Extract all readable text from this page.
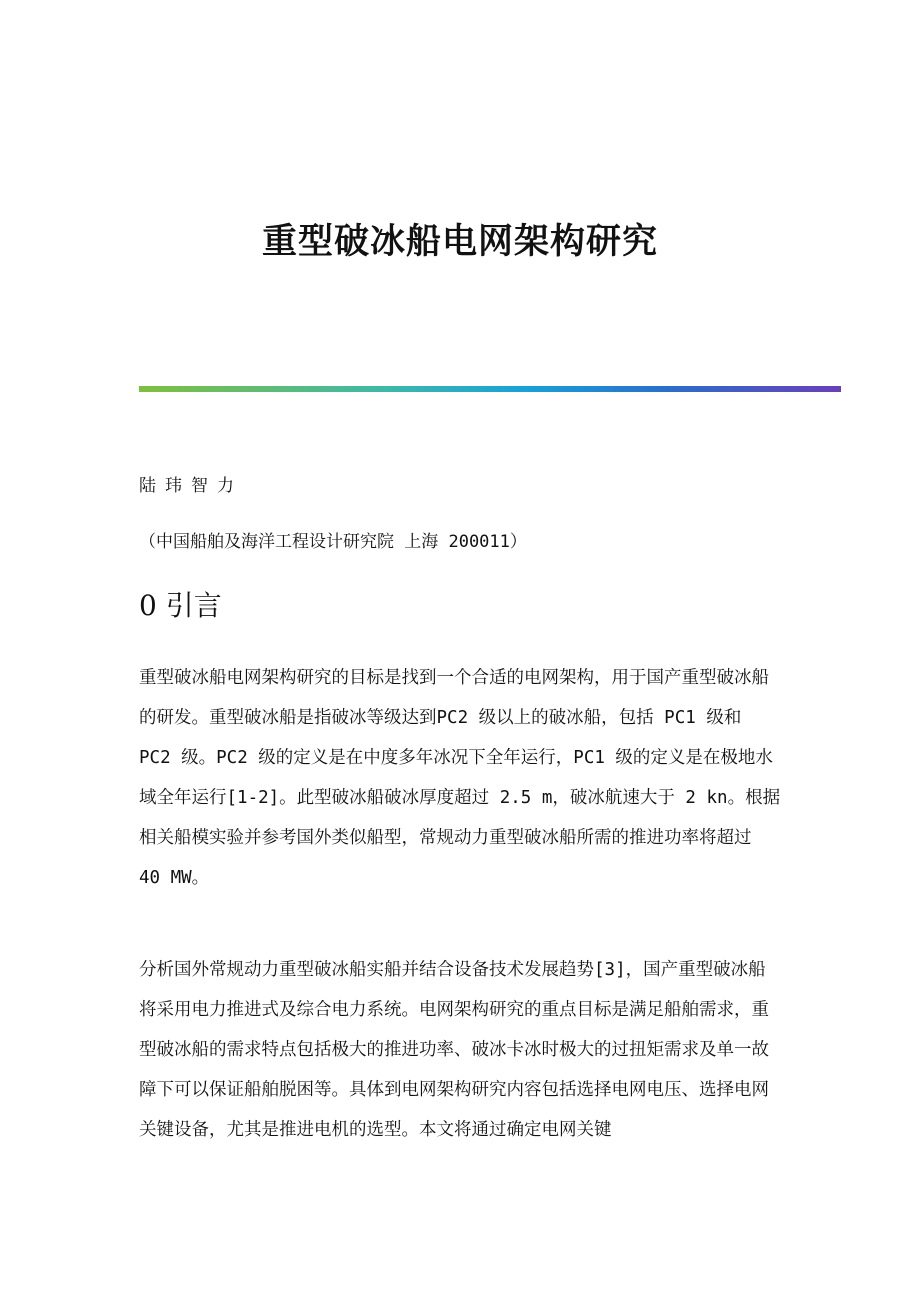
重型破冰船电网架构研究
陆玮智力
（中国船舶及海洋工程设计研究院 上海 200011）
0 引言

重型破冰船电网架构研究的目标是找到一个合适的电网架构，用于国产重型破冰船的研发。重型破冰船是指破冰等级达到PC2 级以上的破冰船，包括 PC1 级和 PC2 级。PC2 级的定义是在中度多年冰况下全年运行，PC1 级的定义是在极地水域全年运行[1-2]。此型破冰船破冰厚度超过 2.5 m，破冰航速大于 2 kn。根据相关船模实验并参考国外类似船型，常规动力重型破冰船所需的推进功率将超过 40 MW。

分析国外常规动力重型破冰船实船并结合设备技术发展趋势[3]，国产重型破冰船将采用电力推进式及综合电力系统。电网架构研究的重点目标是满足船舶需求，重型破冰船的需求特点包括极大的推进功率、破冰卡冰时极大的过扭矩需求及单一故障下可以保证船舶脱困等。具体到电网架构研究内容包括选择电网电压、选择电网关键设备，尤其是推进电机的选型。本文将通过确定电网关键
